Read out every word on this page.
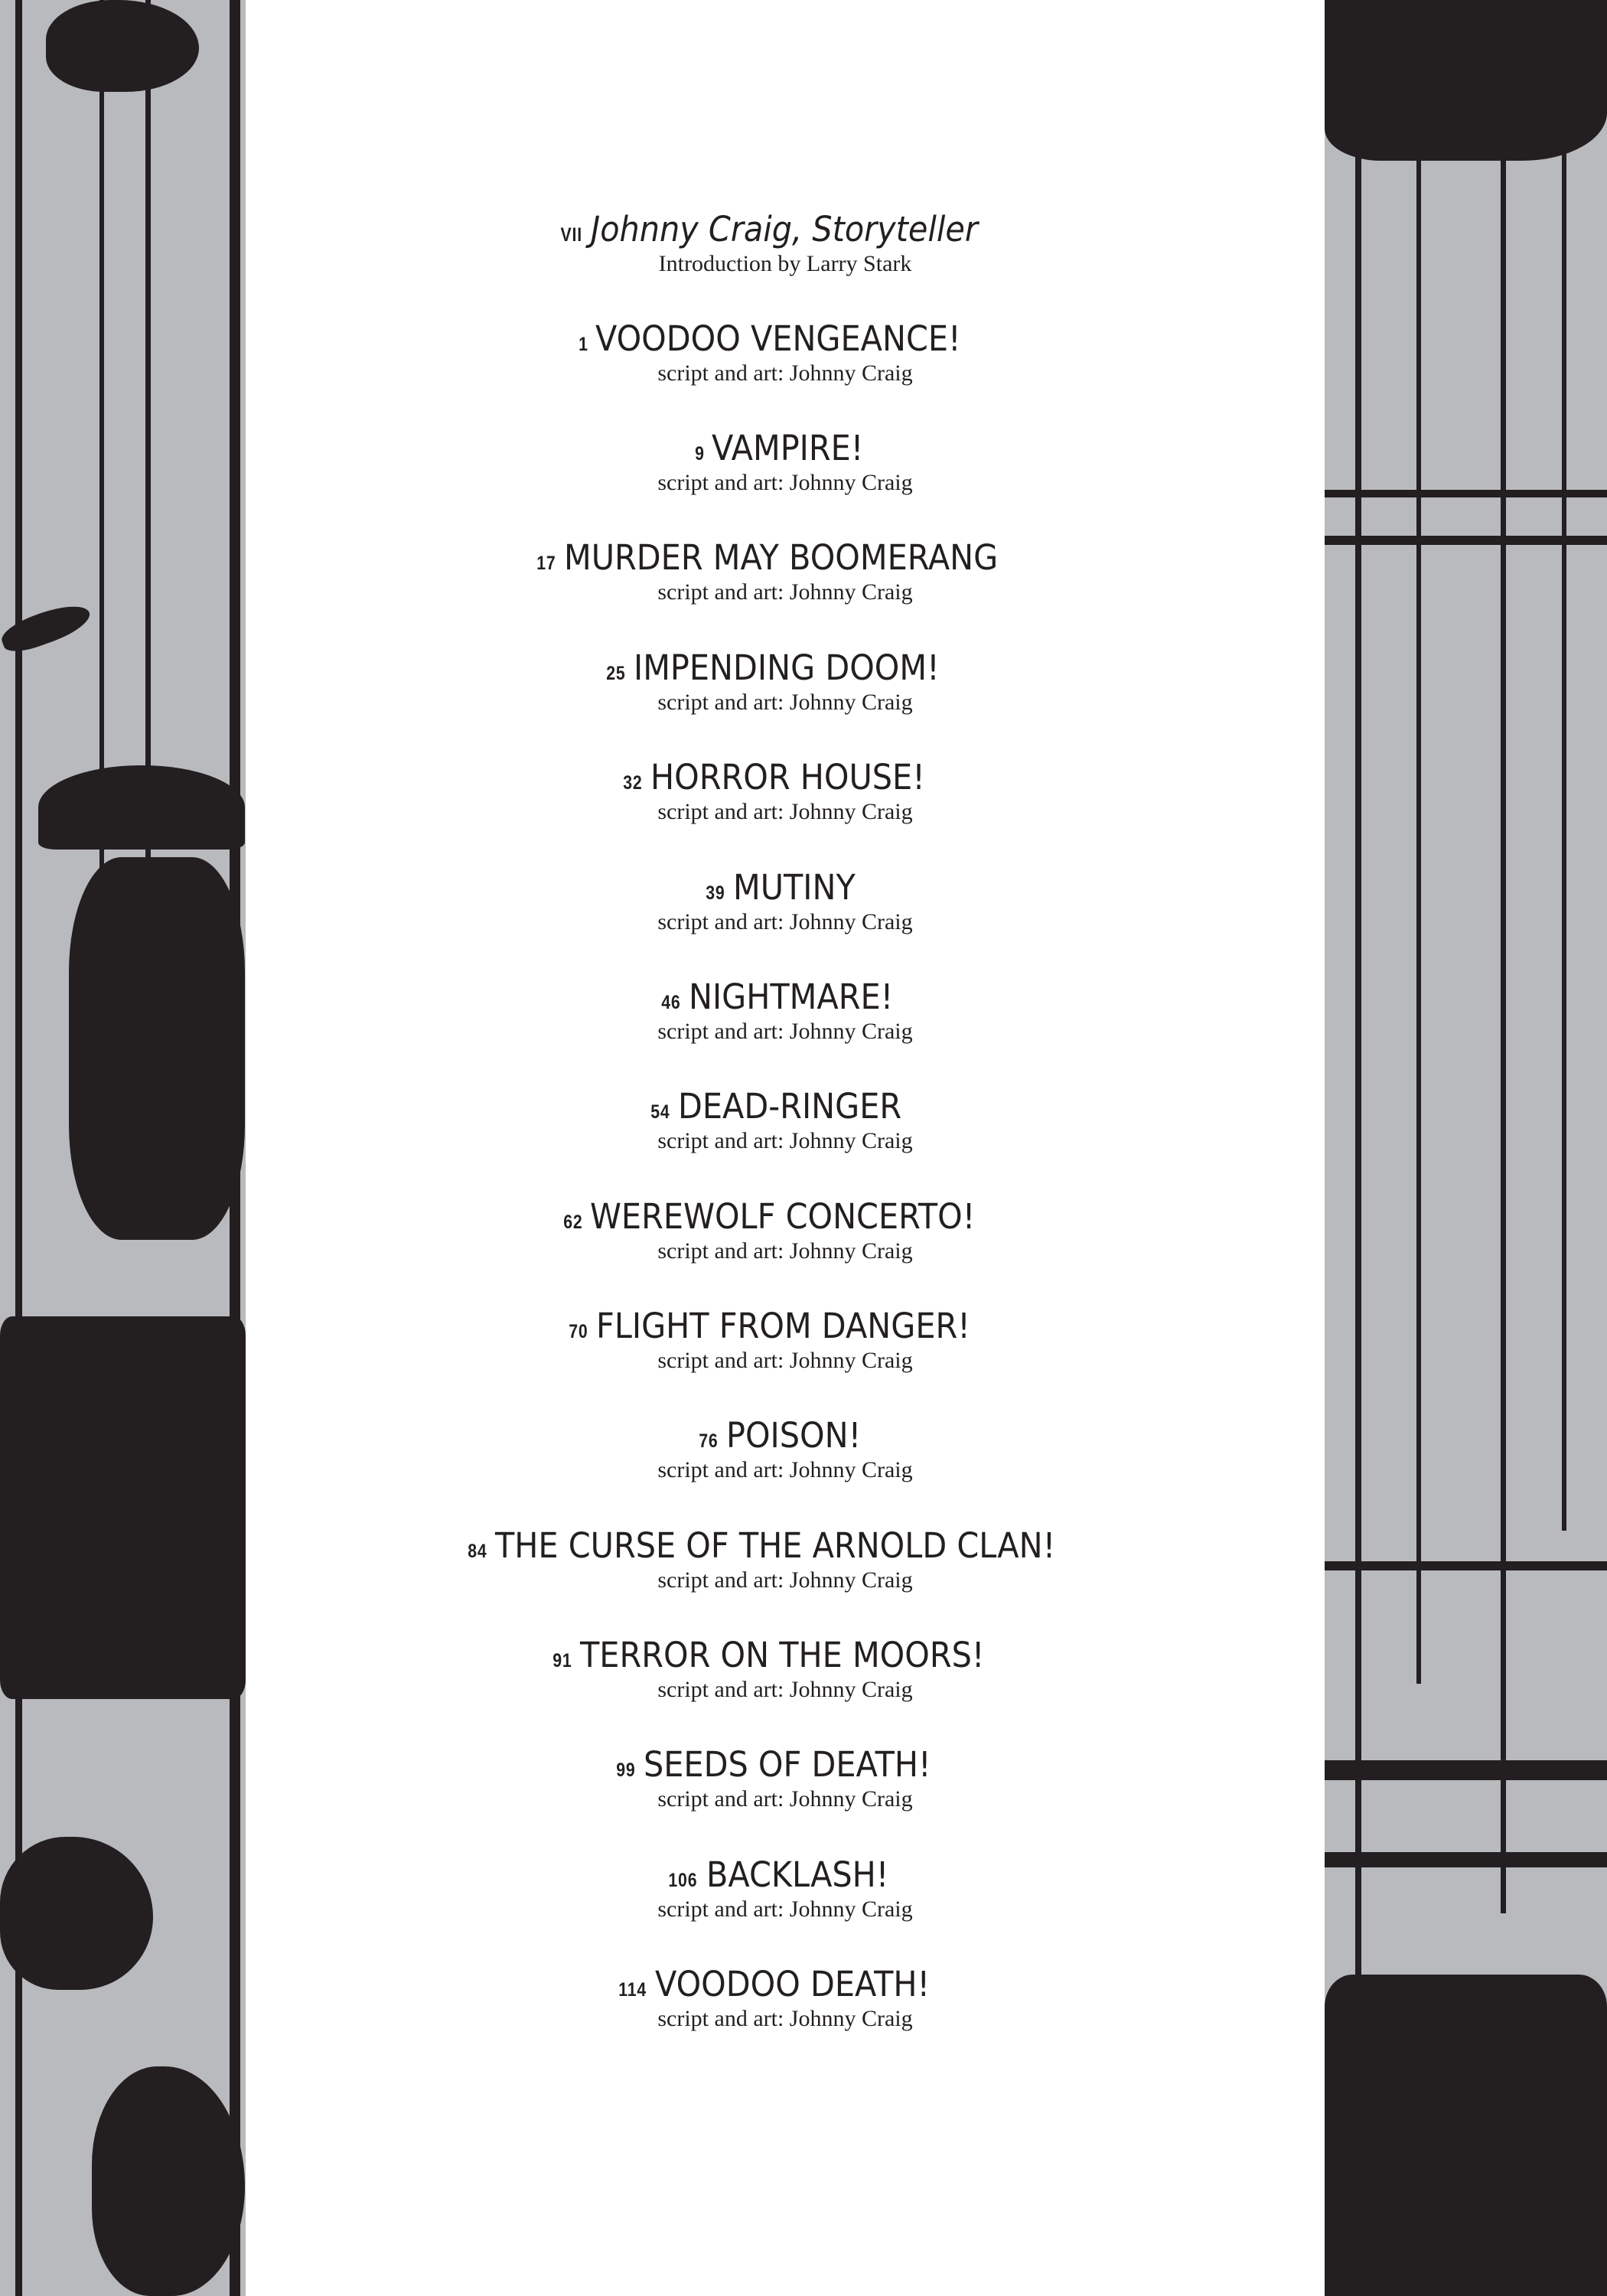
VII Johnny Craig, Storyteller
Introduction by Larry Stark
1 VOODOO VENGEANCE!
script and art: Johnny Craig
9 VAMPIRE!
script and art: Johnny Craig
17 MURDER MAY BOOMERANG
script and art: Johnny Craig
25 IMPENDING DOOM!
script and art: Johnny Craig
32 HORROR HOUSE!
script and art: Johnny Craig
39 MUTINY
script and art: Johnny Craig
46 NIGHTMARE!
script and art: Johnny Craig
54 DEAD-RINGER
script and art: Johnny Craig
62 WEREWOLF CONCERTO!
script and art: Johnny Craig
70 FLIGHT FROM DANGER!
script and art: Johnny Craig
76 POISON!
script and art: Johnny Craig
84 THE CURSE OF THE ARNOLD CLAN!
script and art: Johnny Craig
91 TERROR ON THE MOORS!
script and art: Johnny Craig
99 SEEDS OF DEATH!
script and art: Johnny Craig
106 BACKLASH!
script and art: Johnny Craig
114 VOODOO DEATH!
script and art: Johnny Craig
